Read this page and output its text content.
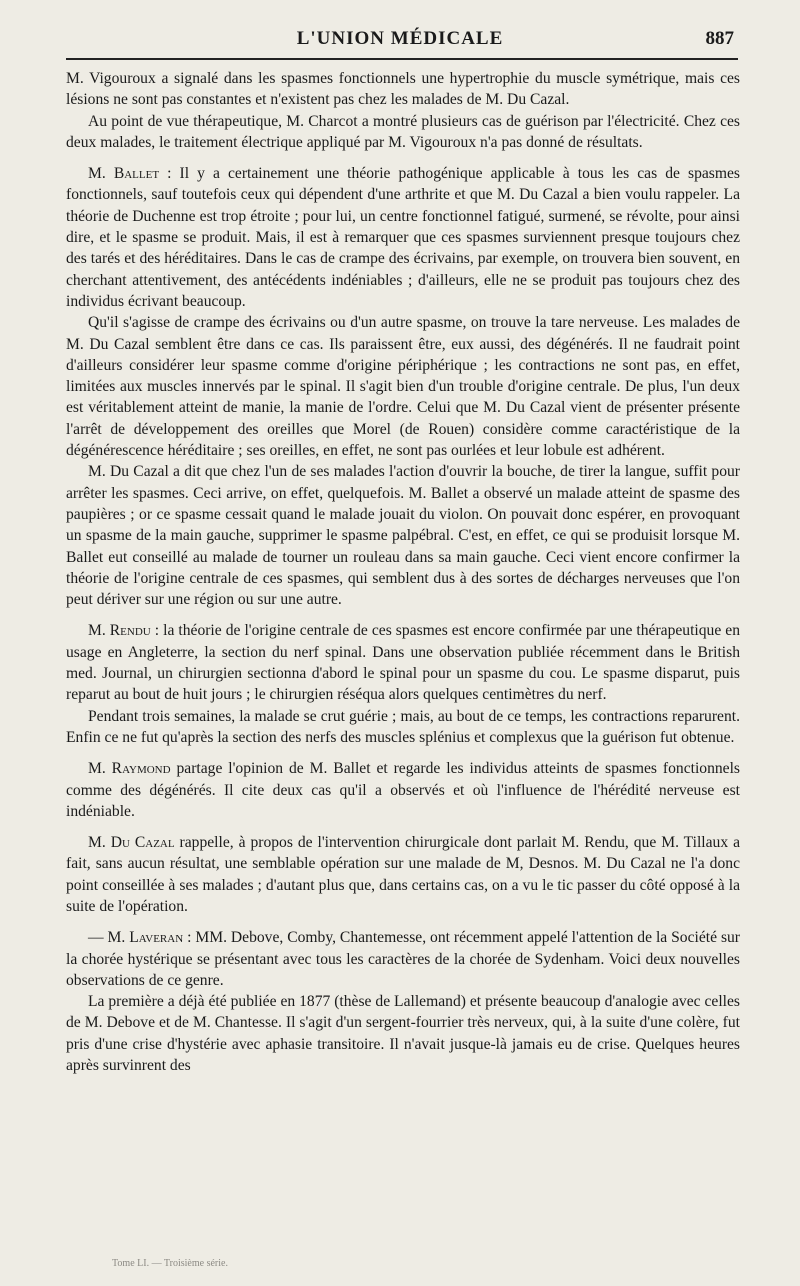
L'UNION MÉDICALE	887

M. Vigouroux a signalé dans les spasmes fonctionnels une hypertrophie du muscle symétrique, mais ces lésions ne sont pas constantes et n'existent pas chez les malades de M. Du Cazal.

Au point de vue thérapeutique, M. Charcot a montré plusieurs cas de guérison par l'électricité. Chez ces deux malades, le traitement électrique appliqué par M. Vigouroux n'a pas donné de résultats.

M. Ballet : Il y a certainement une théorie pathogénique applicable à tous les cas de spasmes fonctionnels, sauf toutefois ceux qui dépendent d'une arthrite et que M. Du Cazal a bien voulu rappeler. La théorie de Duchenne est trop étroite ; pour lui, un centre fonctionnel fatigué, surmené, se révolte, pour ainsi dire, et le spasme se produit. Mais, il est à remarquer que ces spasmes surviennent presque toujours chez des tarés et des héréditaires. Dans le cas de crampe des écrivains, par exemple, on trouvera bien souvent, en cherchant attentivement, des antécédents indéniables ; d'ailleurs, elle ne se produit pas toujours chez des individus écrivant beaucoup.

Qu'il s'agisse de crampe des écrivains ou d'un autre spasme, on trouve la tare nerveuse. Les malades de M. Du Cazal semblent être dans ce cas. Ils paraissent être, eux aussi, des dégénérés. Il ne faudrait point d'ailleurs considérer leur spasme comme d'origine périphérique ; les contractions ne sont pas, en effet, limitées aux muscles innervés par le spinal. Il s'agit bien d'un trouble d'origine centrale. De plus, l'un deux est véritablement atteint de manie, la manie de l'ordre. Celui que M. Du Cazal vient de présenter présente l'arrêt de développement des oreilles que Morel (de Rouen) considère comme caractéristique de la dégénérescence héréditaire ; ses oreilles, en effet, ne sont pas ourlées et leur lobule est adhérent.

M. Du Cazal a dit que chez l'un de ses malades l'action d'ouvrir la bouche, de tirer la langue, suffit pour arrêter les spasmes. Ceci arrive, on effet, quelquefois. M. Ballet a observé un malade atteint de spasme des paupières ; or ce spasme cessait quand le malade jouait du violon. On pouvait donc espérer, en provoquant un spasme de la main gauche, supprimer le spasme palpébral. C'est, en effet, ce qui se produisit lorsque M. Ballet eut conseillé au malade de tourner un rouleau dans sa main gauche. Ceci vient encore confirmer la théorie de l'origine centrale de ces spasmes, qui semblent dus à des sortes de décharges nerveuses que l'on peut dériver sur une région ou sur une autre.

M. Rendu : la théorie de l'origine centrale de ces spasmes est encore confirmée par une thérapeutique en usage en Angleterre, la section du nerf spinal. Dans une observation publiée récemment dans le British med. Journal, un chirurgien sectionna d'abord le spinal pour un spasme du cou. Le spasme disparut, puis reparut au bout de huit jours ; le chirurgien réséqua alors quelques centimètres du nerf.

Pendant trois semaines, la malade se crut guérie ; mais, au bout de ce temps, les contractions reparurent. Enfin ce ne fut qu'après la section des nerfs des muscles splénius et complexus que la guérison fut obtenue.

M. Raymond partage l'opinion de M. Ballet et regarde les individus atteints de spasmes fonctionnels comme des dégénérés. Il cite deux cas qu'il a observés et où l'influence de l'hérédité nerveuse est indéniable.

M. Du Cazal rappelle, à propos de l'intervention chirurgicale dont parlait M. Rendu, que M. Tillaux a fait, sans aucun résultat, une semblable opération sur une malade de M, Desnos. M. Du Cazal ne l'a donc point conseillée à ses malades ; d'autant plus que, dans certains cas, on a vu le tic passer du côté opposé à la suite de l'opération.

— M. Laveran : MM. Debove, Comby, Chantemesse, ont récemment appelé l'attention de la Société sur la chorée hystérique se présentant avec tous les caractères de la chorée de Sydenham. Voici deux nouvelles observations de ce genre.

La première a déjà été publiée en 1877 (thèse de Lallemand) et présente beaucoup d'analogie avec celles de M. Debove et de M. Chantesse. Il s'agit d'un sergent-fourrier très nerveux, qui, à la suite d'une colère, fut pris d'une crise d'hystérie avec aphasie transitoire. Il n'avait jusque-là jamais eu de crise. Quelques heures après survinrent des

Tome LI. — Troisième série.
